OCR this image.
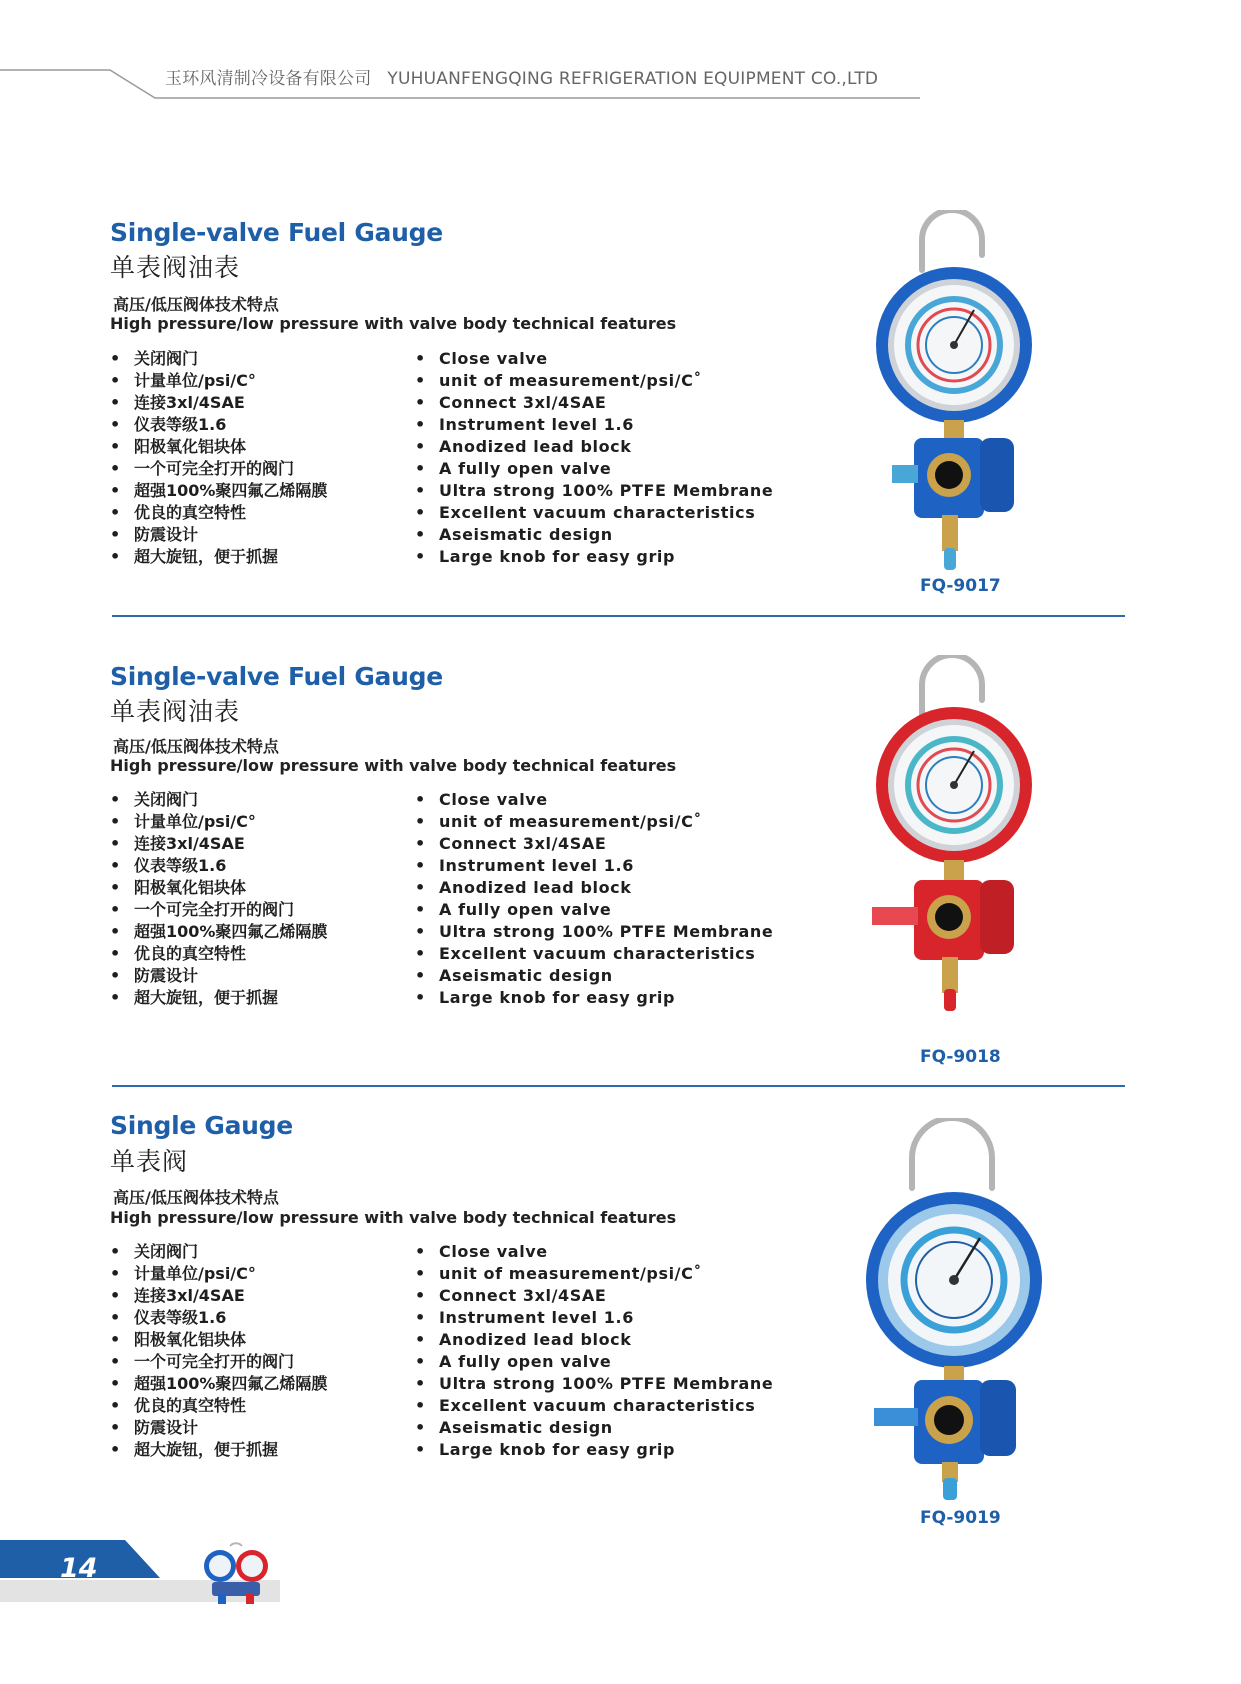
玉环风清制冷设备有限公司 YUHUANFENGQING REFRIGERATION EQUIPMENT CO.,LTD
Single-valve Fuel Gauge
单表阀油表
高压/低压阀体技术特点
High pressure/low pressure with valve body technical features
• 关闭阀门
• 计量单位/psi/C°
• 连接3xl/4SAE
• 仪表等级1.6
• 阳极氧化铝块体
• 一个可完全打开的阀门
• 超强100%聚四氟乙烯隔膜
• 优良的真空特性
• 防震设计
• 超大旋钮，便于抓握
• Close valve
• unit of measurement/psi/C˚
• Connect 3xl/4SAE
• Instrument level 1.6
• Anodized lead block
• A fully open valve
• Ultra strong 100% PTFE Membrane
• Excellent vacuum characteristics
• Aseismatic design
• Large knob for easy grip
FQ-9017
Single-valve Fuel Gauge
单表阀油表
高压/低压阀体技术特点
High pressure/low pressure with valve body technical features
• 关闭阀门
• 计量单位/psi/C°
• 连接3xl/4SAE
• 仪表等级1.6
• 阳极氧化铝块体
• 一个可完全打开的阀门
• 超强100%聚四氟乙烯隔膜
• 优良的真空特性
• 防震设计
• 超大旋钮，便于抓握
• Close valve
• unit of measurement/psi/C˚
• Connect 3xl/4SAE
• Instrument level 1.6
• Anodized lead block
• A fully open valve
• Ultra strong 100% PTFE Membrane
• Excellent vacuum characteristics
• Aseismatic design
• Large knob for easy grip
FQ-9018
Single Gauge
单表阀
高压/低压阀体技术特点
High pressure/low pressure with valve body technical features
• 关闭阀门
• 计量单位/psi/C°
• 连接3xl/4SAE
• 仪表等级1.6
• 阳极氧化铝块体
• 一个可完全打开的阀门
• 超强100%聚四氟乙烯隔膜
• 优良的真空特性
• 防震设计
• 超大旋钮，便于抓握
• Close valve
• unit of measurement/psi/C˚
• Connect 3xl/4SAE
• Instrument level 1.6
• Anodized lead block
• A fully open valve
• Ultra strong 100% PTFE Membrane
• Excellent vacuum characteristics
• Aseismatic design
• Large knob for easy grip
FQ-9019
14
